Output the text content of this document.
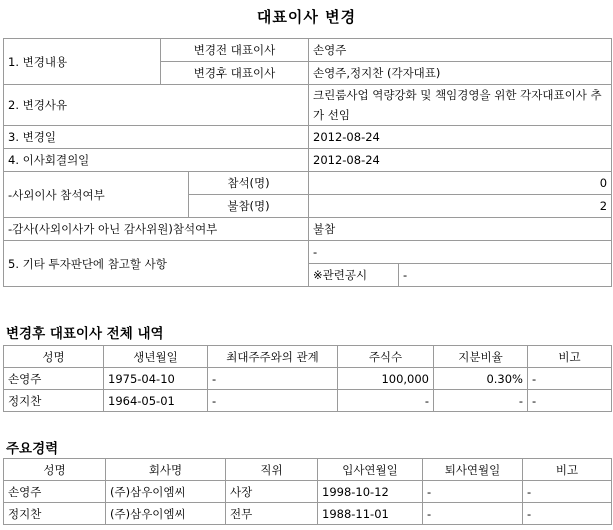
대표이사 변경
1. 변경내용	변경전 대표이사		손영주	
	변경후 대표이사		손영주,정지찬 (각자대표)	
2. 변경사유			크린룸사업 역량강화 및 책임경영을 위한 각자대표이사 추가 선임	
3. 변경일			2012-08-24	
4. 이사회결의일			2012-08-24	
-사외이사 참석여부		참석(명)	0	
		불참(명)	2	
-감사(사외이사가 아닌 감사위원)참석여부			불참	
5. 기타 투자판단에 참고할 사항			-	
			※관련공시	-
변경후 대표이사 전체 내역
성명	생년월일	최대주주와의 관계	주식수	지분비율	비고
손영주	1975-04-10	-	100,000	0.30%	-
정지찬	1964-05-01	-	-	-	-
주요경력
성명	회사명	직위	입사연월일	퇴사연월일	비고
손영주	(주)삼우이엠씨	사장	1998-10-12	-	-
정지찬	(주)삼우이엠씨	전무	1988-11-01	-	-
